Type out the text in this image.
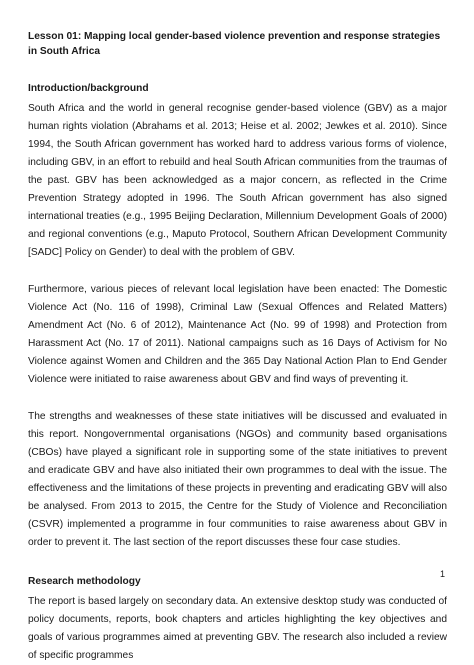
Lesson 01: Mapping local gender-based violence prevention and response strategies in South Africa
Introduction/background

South Africa and the world in general recognise gender-based violence (GBV) as a major human rights violation (Abrahams et al. 2013; Heise et al. 2002; Jewkes et al. 2010). Since 1994, the South African government has worked hard to address various forms of violence, including GBV, in an effort to rebuild and heal South African communities from the traumas of the past. GBV has been acknowledged as a major concern, as reflected in the Crime Prevention Strategy adopted in 1996. The South African government has also signed international treaties (e.g., 1995 Beijing Declaration, Millennium Development Goals of 2000) and regional conventions (e.g., Maputo Protocol, Southern African Development Community [SADC] Policy on Gender) to deal with the problem of GBV.

Furthermore, various pieces of relevant local legislation have been enacted: The Domestic Violence Act (No. 116 of 1998), Criminal Law (Sexual Offences and Related Matters) Amendment Act (No. 6 of 2012), Maintenance Act (No. 99 of 1998) and Protection from Harassment Act (No. 17 of 2011). National campaigns such as 16 Days of Activism for No Violence against Women and Children and the 365 Day National Action Plan to End Gender Violence were initiated to raise awareness about GBV and find ways of preventing it.

The strengths and weaknesses of these state initiatives will be discussed and evaluated in this report. Nongovernmental organisations (NGOs) and community based organisations (CBOs) have played a significant role in supporting some of the state initiatives to prevent and eradicate GBV and have also initiated their own programmes to deal with the issue. The effectiveness and the limitations of these projects in preventing and eradicating GBV will also be analysed. From 2013 to 2015, the Centre for the Study of Violence and Reconciliation (CSVR) implemented a programme in four communities to raise awareness about GBV in order to prevent it. The last section of the report discusses these four case studies.

Research methodology

The report is based largely on secondary data. An extensive desktop study was conducted of policy documents, reports, book chapters and articles highlighting the key objectives and goals of various programmes aimed at preventing GBV. The research also included a review of specific programmes

1
